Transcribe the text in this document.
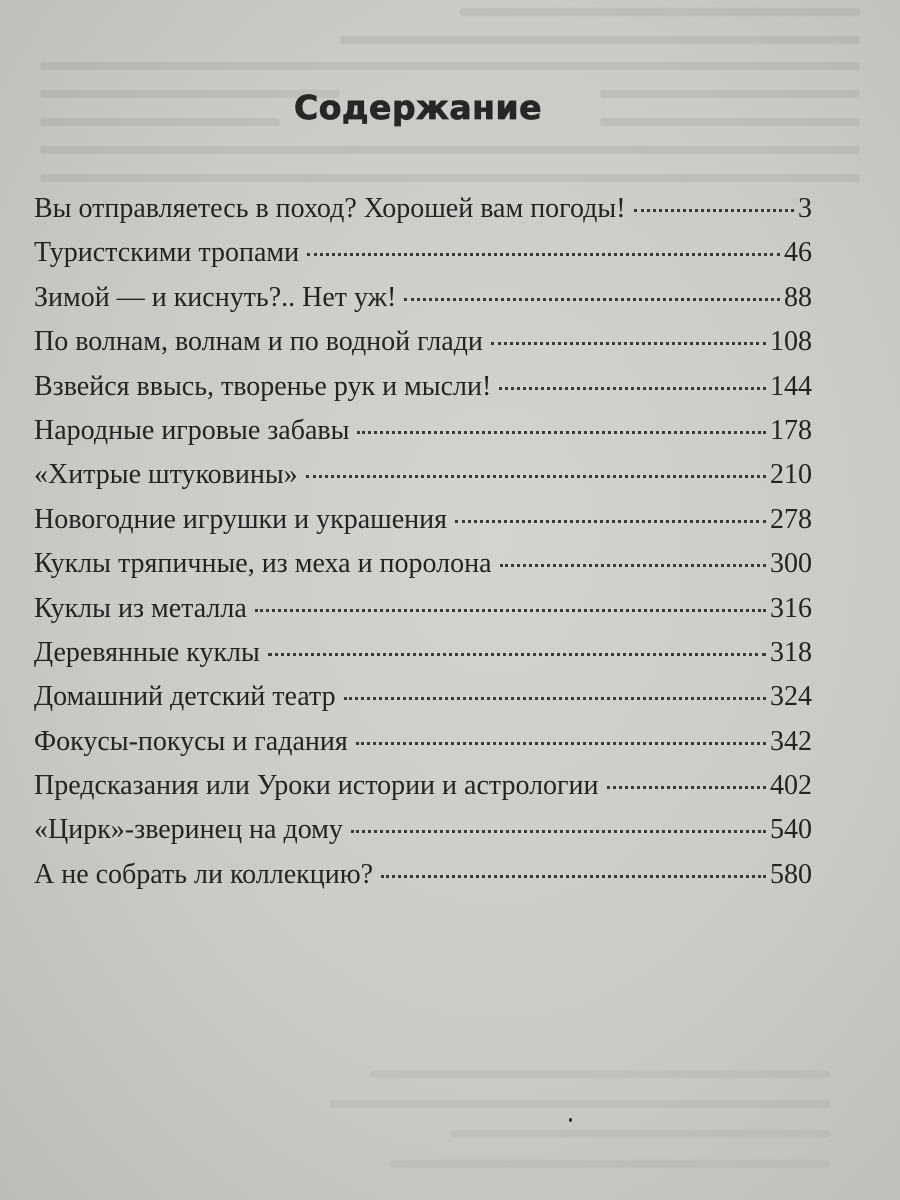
Содержание
Вы отправляетесь в поход? Хорошей вам погоды!	3
Туристскими тропами	46
Зимой — и киснуть?.. Нет уж!	88
По волнам, волнам и по водной глади	108
Взвейся ввысь, творенье рук и мысли!	144
Народные игровые забавы	178
«Хитрые штуковины»	210
Новогодние игрушки и украшения	278
Куклы тряпичные, из меха и поролона	300
Куклы из металла	316
Деревянные куклы	318
Домашний детский театр	324
Фокусы-покусы и гадания	342
Предсказания или Уроки истории и астрологии	402
«Цирк»-зверинец на дому	540
А не собрать ли коллекцию?	580
